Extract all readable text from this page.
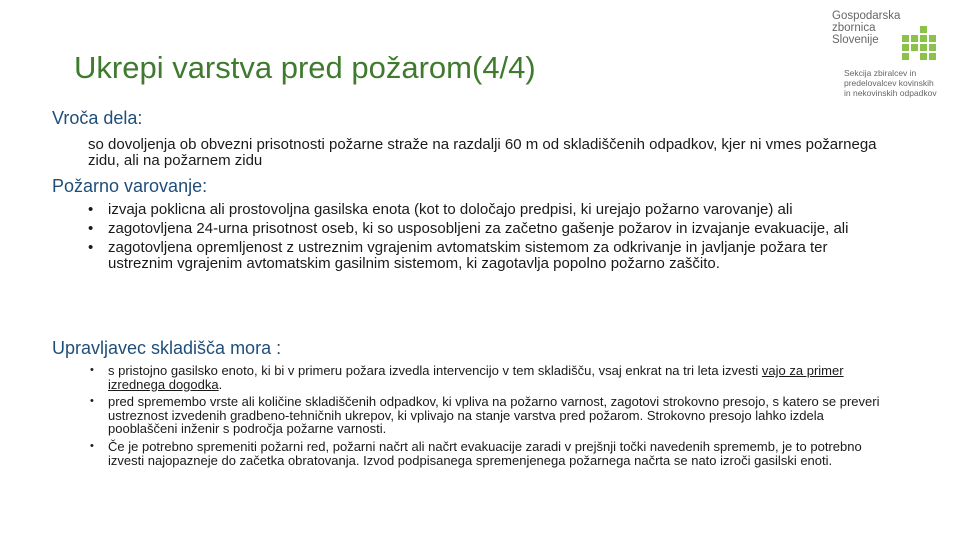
Ukrepi varstva pred požarom(4/4)
Gospodarska
zbornica
Slovenije
Sekcija zbiralcev in
predelovalcev kovinskih
in nekovinskih odpadkov
Vroča dela:

so dovoljenja ob obvezni prisotnosti požarne straže na razdalji 60 m od skladiščenih odpadkov, kjer ni vmes požarnega zidu, ali na požarnem zidu

Požarno varovanje:
• izvaja poklicna ali prostovoljna gasilska enota (kot to določajo predpisi, ki urejajo požarno varovanje) ali
• zagotovljena 24-urna prisotnost oseb, ki so usposobljeni za začetno gašenje požarov in izvajanje evakuacije, ali
• zagotovljena opremljenost z ustreznim vgrajenim avtomatskim sistemom za odkrivanje in javljanje požara ter ustreznim vgrajenim avtomatskim gasilnim sistemom, ki zagotavlja popolno požarno zaščito.
Upravljavec skladišča mora :
• s pristojno gasilsko enoto, ki bi v primeru požara izvedla intervencijo v tem skladišču, vsaj enkrat na tri leta izvesti vajo za primer izrednega dogodka.
• pred spremembo vrste ali količine skladiščenih odpadkov, ki vpliva na požarno varnost, zagotovi strokovno presojo, s katero se preveri ustreznost izvedenih gradbeno-tehničnih ukrepov, ki vplivajo na stanje varstva pred požarom. Strokovno presojo lahko izdela pooblaščeni inženir s področja požarne varnosti.
• Če je potrebno spremeniti požarni red, požarni načrt ali načrt evakuacije zaradi v prejšnji točki navedenih sprememb, je to potrebno izvesti najopazneje do začetka obratovanja. Izvod podpisanega spremenjenega požarnega načrta se nato izroči gasilski enoti.
